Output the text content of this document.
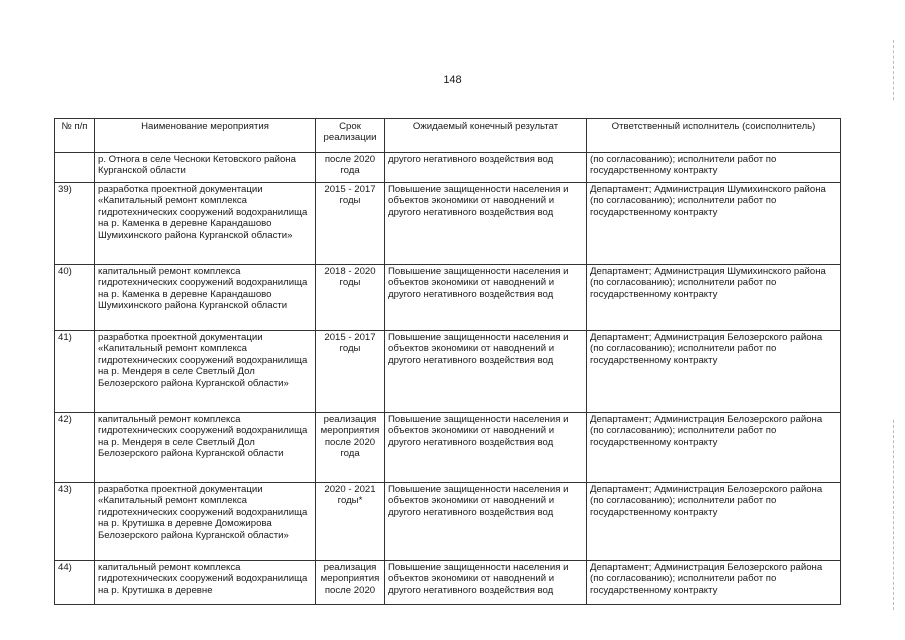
148
№ п/п	Наименование мероприятия	Срок реализации	Ожидаемый конечный результат	Ответственный исполнитель (соисполнитель)
	р. Отнога в селе Чесноки Кетовского района Курганской области	после 2020 года	другого негативного воздействия вод	(по согласованию); исполнители работ по государственному контракту
39)	разработка проектной документации «Капитальный ремонт комплекса гидротехнических сооружений водохранилища на р. Каменка в деревне Карандашово Шумихинского района Курганской области»	2015 - 2017 годы	Повышение защищенности населения и объектов экономики от наводнений и другого негативного воздействия вод	Департамент; Администрация Шумихинского района (по согласованию); исполнители работ по государственному контракту
40)	капитальный ремонт комплекса гидротехнических сооружений водохранилища на р. Каменка в деревне Карандашово Шумихинского района Курганской области	2018 - 2020 годы	Повышение защищенности населения и объектов экономики от наводнений и другого негативного воздействия вод	Департамент; Администрация Шумихинского района (по согласованию); исполнители работ по государственному контракту
41)	разработка проектной документации «Капитальный ремонт комплекса гидротехнических сооружений водохранилища на р. Мендеря в селе Светлый Дол Белозерского района Курганской области»	2015 - 2017 годы	Повышение защищенности населения и объектов экономики от наводнений и другого негативного воздействия вод	Департамент; Администрация Белозерского района (по согласованию); исполнители работ по государственному контракту
42)	капитальный ремонт комплекса гидротехнических сооружений водохранилища на р. Мендеря в селе Светлый Дол Белозерского района Курганской области	реализация мероприятия после 2020 года	Повышение защищенности населения и объектов экономики от наводнений и другого негативного воздействия вод	Департамент; Администрация Белозерского района (по согласованию); исполнители работ по государственному контракту
43)	разработка проектной документации «Капитальный ремонт комплекса гидротехнических сооружений водохранилища на р. Крутишка в деревне Доможирова Белозерского района Курганской области»	2020 - 2021 годы*	Повышение защищенности населения и объектов экономики от наводнений и другого негативного воздействия вод	Департамент; Администрация Белозерского района (по согласованию); исполнители работ по государственному контракту
44)	капитальный ремонт комплекса гидротехнических сооружений водохранилища на р. Крутишка в деревне	реализация мероприятия после 2020	Повышение защищенности населения и объектов экономики от наводнений и другого негативного воздействия вод	Департамент; Администрация Белозерского района (по согласованию); исполнители работ по государственному контракту
